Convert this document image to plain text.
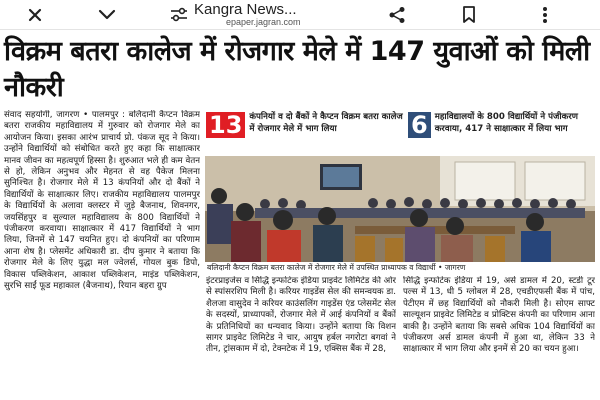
Kangra News...
epaper.jagran.com
विक्रम बतरा कालेज में रोजगार मेले में 147 युवाओं को मिली नौकरी
संवाद सहयोगी, जागरण • पालमपुर : बलिदानी कैप्टन विक्रम बतरा राजकीय महाविद्यालय में गुरुवार को रोजगार मेले का आयोजन किया। इसका आरंभ प्राचार्य प्रो. पंकज सूद ने किया। उन्होंने विद्यार्थियों को संबोधित करते हुए कहा कि साक्षात्कार मानव जीवन का महत्वपूर्ण हिस्सा है। शुरुआत भले ही कम वेतन से हो, लेकिन अनुभव और मेहनत से वह पैकेज मिलना सुनिश्चित है। रोजगार मेले में 13 कंपनियों और दो बैंकों ने विद्यार्थियों के साक्षात्कार लिए। राजकीय महाविद्यालय पालमपुर के विद्यार्थियों के अलावा क्लस्टर में जुड़े बैजनाथ, शिवनगर, जयसिंहपुर व सुल्याल महाविद्यालय के 800 विद्यार्थियों ने पंजीकरण करवाया। साक्षात्कार में 417 विद्यार्थियों ने भाग लिया, जिनमें से 147 चयनित हुए। दो कंपनियों का परिणाम आना शेष है। प्लेसमेंट अधिकारी डा. दीप कुमार ने बताया कि रोजगार मेले के लिए युद्धा मल ज्वेलर्स, गोयल बुक डिपो, विकास पब्लिकेशन, आकाश पब्लिकेशन, माइंड पब्लिकेशन, सुरभि साईं फूड महाकाल (बैजनाथ), रियान बहरा ग्रुप
13 कंपनियों व दो बैंकों ने कैप्टन विक्रम बतरा कालेज में रोजगार मेले में भाग लिया	6 महाविद्यालयों के 800 विद्यार्थियों ने पंजीकरण करवाया, 417 ने साक्षात्कार में लिया भाग
बलिदानी कैप्टन विक्रम बतरा कालेज में रोजगार मेले में उपस्थित प्राध्यापक व विद्यार्थी • जागरण
इंटरप्राइजेस व सिद्धि इन्फोटेक इंडिया प्राइवेट लिमिटेड की ओर से स्पांसरशिप मिली है। करियर गाइडेंस सेल की समन्वयक डा. शैलजा वासुदेव ने करियर काउंसलिंग गाइडेंस एंड प्लेसमेंट सेल के सदस्यों, प्राध्यापकों, रोजगार मेले में आई कंपनियों व बैंकों के प्रतिनिधियों का धन्यवाद किया। उन्होंने बताया कि विशन सागर प्राइवेट लिमिटेड ने चार, आयुष हर्बल नगरोटा बगवां ने तीन, ट्रांसकाम में दो, टेक्नटेक में 19, एक्सिस बैंक में 28,
सिद्धि इन्फोटेक इंडिया में 19, अर्स डामल में 20, स्टडी टूर पल्स में 13, धी 5 ग्लोबल में 28, एचडीएफसी बैंक में पांच, पेटीएम में छह विद्यार्थियों को नौकरी मिली है। सोएम साफ्ट साल्यूशन प्राइवेट लिमिटेड व प्रोक्टिस कंपनी का परिणाम आना बाकी है। उन्होंने बताया कि सबसे अधिक 104 विद्यार्थियों का पंजीकरण अर्स डामल कंपनी में हुआ था, लेकिन 33 ने साक्षात्कार में भाग लिया और इनमें से 20 का चयन हुआ।
